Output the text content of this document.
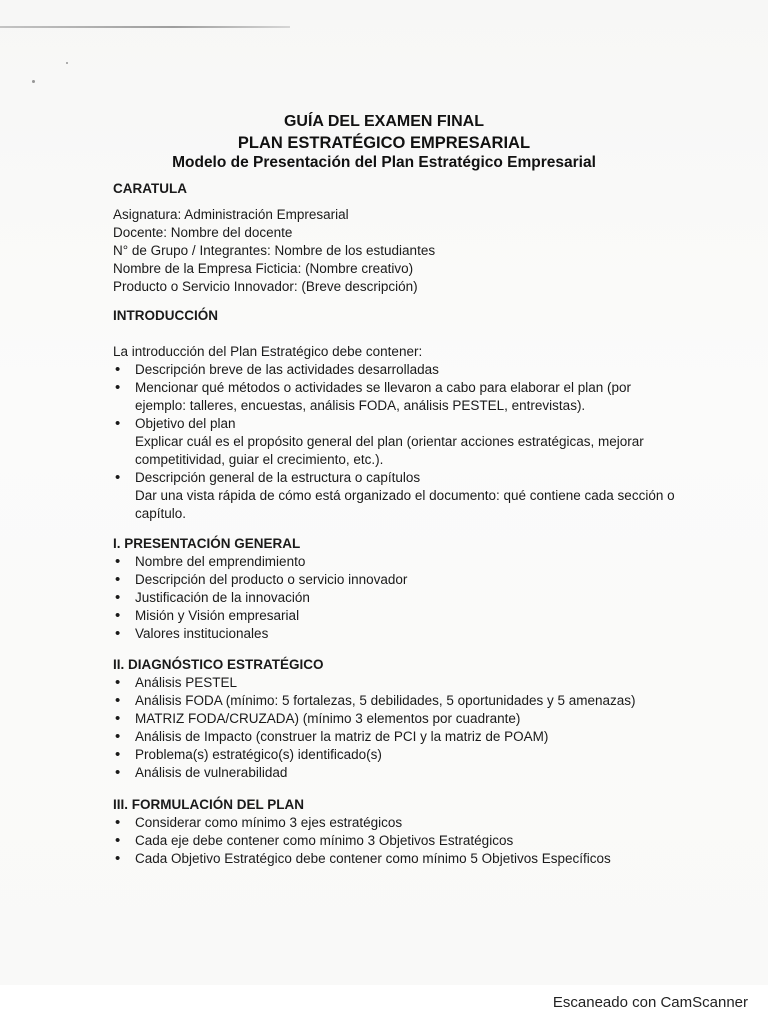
GUÍA DEL EXAMEN FINAL
PLAN ESTRATÉGICO EMPRESARIAL
Modelo de Presentación del Plan Estratégico Empresarial
CARATULA
Asignatura: Administración Empresarial
Docente: Nombre del docente
N° de Grupo / Integrantes: Nombre de los estudiantes
Nombre de la Empresa Ficticia: (Nombre creativo)
Producto o Servicio Innovador: (Breve descripción)
INTRODUCCIÓN
La introducción del Plan Estratégico debe contener:
• Descripción breve de las actividades desarrolladas
• Mencionar qué métodos o actividades se llevaron a cabo para elaborar el plan (por ejemplo: talleres, encuestas, análisis FODA, análisis PESTEL, entrevistas).
• Objetivo del plan
Explicar cuál es el propósito general del plan (orientar acciones estratégicas, mejorar competitividad, guiar el crecimiento, etc.).
• Descripción general de la estructura o capítulos
Dar una vista rápida de cómo está organizado el documento: qué contiene cada sección o capítulo.
I. PRESENTACIÓN GENERAL
• Nombre del emprendimiento
• Descripción del producto o servicio innovador
• Justificación de la innovación
• Misión y Visión empresarial
• Valores institucionales
II. DIAGNÓSTICO ESTRATÉGICO
• Análisis PESTEL
• Análisis FODA (mínimo: 5 fortalezas, 5 debilidades, 5 oportunidades y 5 amenazas)
• MATRIZ FODA/CRUZADA) (mínimo 3 elementos por cuadrante)
• Análisis de Impacto (construer la matriz de PCI y la matriz de POAM)
• Problema(s) estratégico(s) identificado(s)
• Análisis de vulnerabilidad
III. FORMULACIÓN DEL PLAN
• Considerar como mínimo 3 ejes estratégicos
• Cada eje debe contener como mínimo 3 Objetivos Estratégicos
• Cada Objetivo Estratégico debe contener como mínimo 5 Objetivos Específicos
Escaneado con CamScanner
